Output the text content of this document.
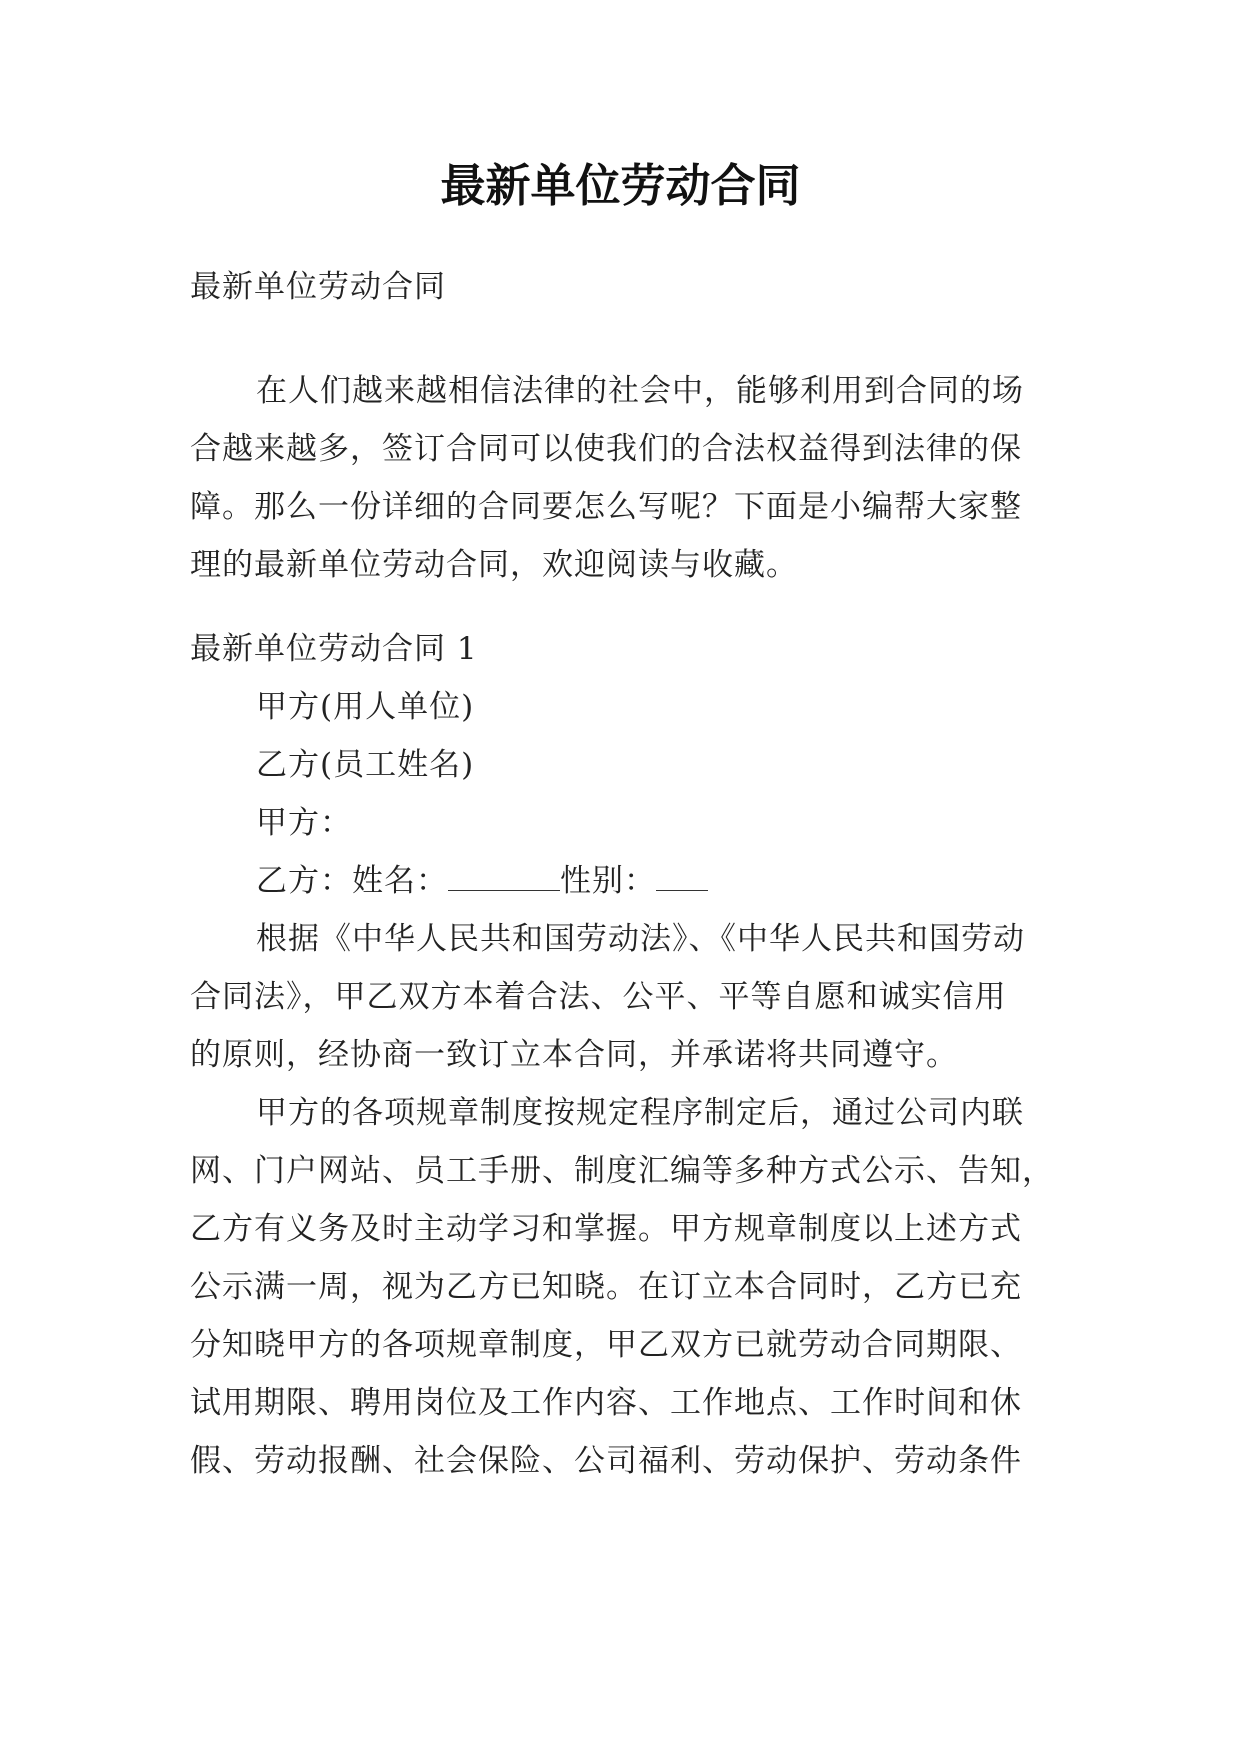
最新单位劳动合同

最新单位劳动合同

在人们越来越相信法律的社会中，能够利用到合同的场

合越来越多，签订合同可以使我们的合法权益得到法律的保

障。那么一份详细的合同要怎么写呢？下面是小编帮大家整

理的最新单位劳动合同，欢迎阅读与收藏。

最新单位劳动合同 1

甲方(用人单位)

乙方(员工姓名)

甲方：

乙方：姓名：	性别：

根据《中华人民共和国劳动法》、《中华人民共和国劳动

合同法》，甲乙双方本着合法、公平、平等自愿和诚实信用

的原则，经协商一致订立本合同，并承诺将共同遵守。

甲方的各项规章制度按规定程序制定后，通过公司内联

网、门户网站、员工手册、制度汇编等多种方式公示、告知，

乙方有义务及时主动学习和掌握。甲方规章制度以上述方式

公示满一周，视为乙方已知晓。在订立本合同时，乙方已充

分知晓甲方的各项规章制度，甲乙双方已就劳动合同期限、

试用期限、聘用岗位及工作内容、工作地点、工作时间和休

假、劳动报酬、社会保险、公司福利、劳动保护、劳动条件
